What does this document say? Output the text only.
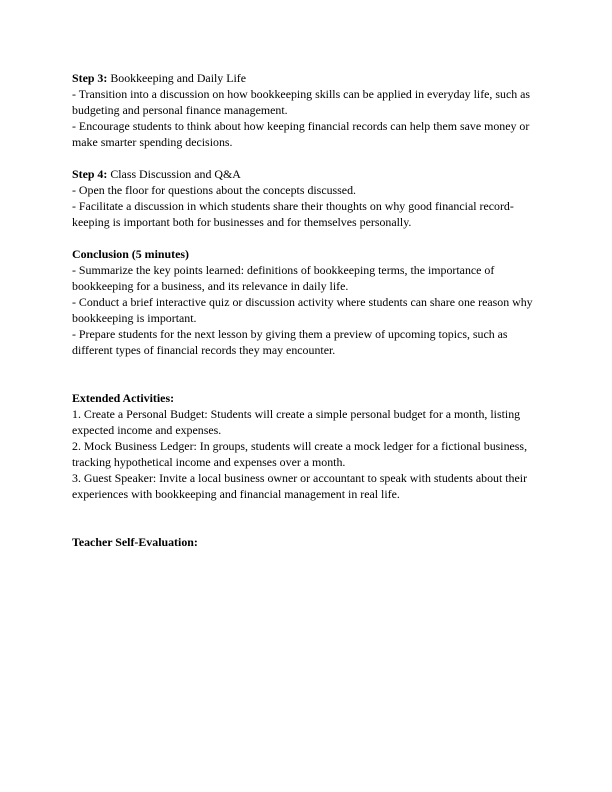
Step 3: Bookkeeping and Daily Life
- Transition into a discussion on how bookkeeping skills can be applied in everyday life, such as budgeting and personal finance management.
- Encourage students to think about how keeping financial records can help them save money or make smarter spending decisions.
Step 4: Class Discussion and Q&A
- Open the floor for questions about the concepts discussed.
- Facilitate a discussion in which students share their thoughts on why good financial record-keeping is important both for businesses and for themselves personally.
Conclusion (5 minutes)
- Summarize the key points learned: definitions of bookkeeping terms, the importance of bookkeeping for a business, and its relevance in daily life.
- Conduct a brief interactive quiz or discussion activity where students can share one reason why bookkeeping is important.
- Prepare students for the next lesson by giving them a preview of upcoming topics, such as different types of financial records they may encounter.
Extended Activities:
1. Create a Personal Budget: Students will create a simple personal budget for a month, listing expected income and expenses.
2. Mock Business Ledger: In groups, students will create a mock ledger for a fictional business, tracking hypothetical income and expenses over a month.
3. Guest Speaker: Invite a local business owner or accountant to speak with students about their experiences with bookkeeping and financial management in real life.
Teacher Self-Evaluation:
